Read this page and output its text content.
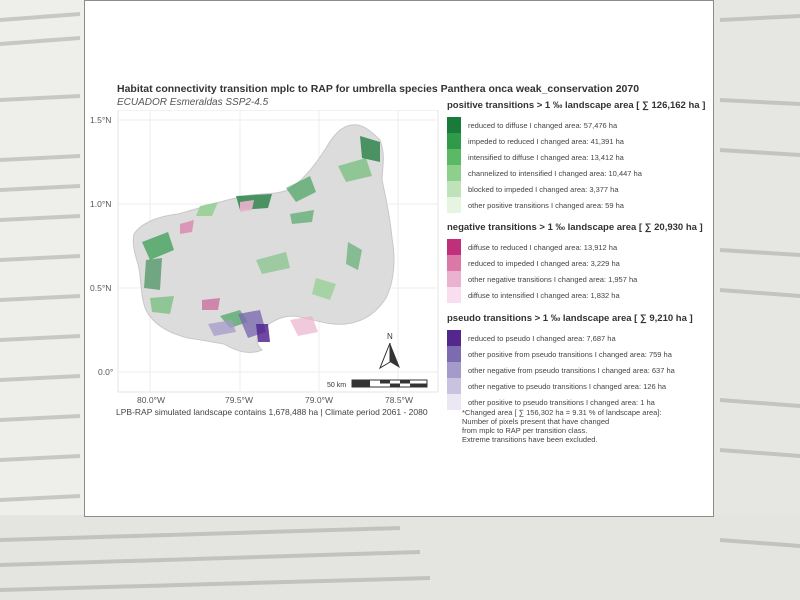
Habitat connectivity transition mplc to RAP for umbrella species Panthera onca weak_conservation 2070
ECUADOR Esmeraldas SSP2-4.5
1.5°N
1.0°N
0.5°N
0.0°
80.0°W	79.5°W	79.0°W	78.5°W
N
50 km
LPB-RAP simulated landscape contains 1,678,488 ha | Climate period 2061 - 2080
positive transitions > 1 ‰ landscape area [ ∑ 126,162 ha ]
reduced to diffuse I changed area: 57,476 ha
impeded to reduced I changed area: 41,391 ha
intensified to diffuse I changed area: 13,412 ha
channelized to intensified I changed area: 10,447 ha
blocked to impeded I changed area: 3,377 ha
other positive transitions I changed area: 59 ha
negative transitions > 1 ‰ landscape area [ ∑ 20,930 ha ]
diffuse to reduced I changed area: 13,912 ha
reduced to impeded I changed area: 3,229 ha
other negative transitions I changed area: 1,957 ha
diffuse to intensified I changed area: 1,832 ha
pseudo transitions > 1 ‰ landscape area [ ∑ 9,210 ha ]
reduced to pseudo I changed area: 7,687 ha
other positive from pseudo transitions I changed area: 759 ha
other negative from pseudo transitions I changed area: 637 ha
other negative to pseudo transitions I changed area: 126 ha
other positive to pseudo transitions I changed area: 1 ha
*Changed area [ ∑ 156,302 ha = 9.31 % of landscape area]:
Number of pixels present that have changed
from mplc to RAP per transition class.
Extreme transitions have been excluded.
